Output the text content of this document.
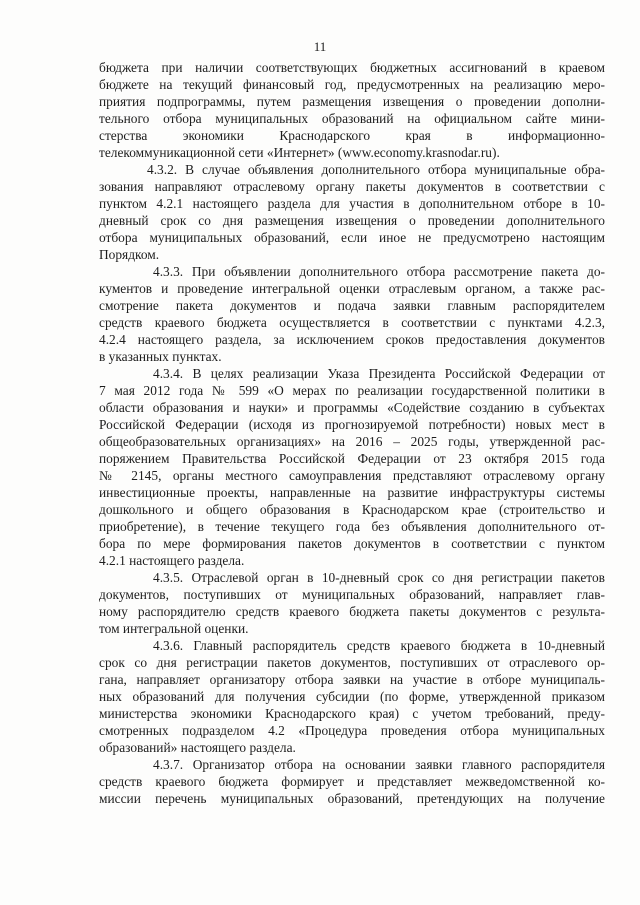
11
бюджета при наличии соответствующих бюджетных ассигнований в краевом
бюджете на текущий финансовый год, предусмотренных на реализацию меро-
приятия подпрограммы, путем размещения извещения о проведении дополни-
тельного отбора муниципальных образований на официальном сайте мини-
стерства экономики Краснодарского края в информационно-
телекоммуникационной сети «Интернет» (www.economy.krasnodar.ru).
4.3.2. В случае объявления дополнительного отбора муниципальные обра-
зования направляют отраслевому органу пакеты документов в соответствии с
пунктом 4.2.1 настоящего раздела для участия в дополнительном отборе в 10-
дневный срок со дня размещения извещения о проведении дополнительного
отбора муниципальных образований, если иное не предусмотрено настоящим
Порядком.
4.3.3. При объявлении дополнительного отбора рассмотрение пакета до-
кументов и проведение интегральной оценки отраслевым органом, а также рас-
смотрение пакета документов и подача заявки главным распорядителем
средств краевого бюджета осуществляется в соответствии с пунктами 4.2.3,
4.2.4 настоящего раздела, за исключением сроков предоставления документов
в указанных пунктах.
4.3.4. В целях реализации Указа Президента Российской Федерации от
7 мая 2012 года № 599 «О мерах по реализации государственной политики в
области образования и науки» и программы «Содействие созданию в субъектах
Российской Федерации (исходя из прогнозируемой потребности) новых мест в
общеобразовательных организациях» на 2016 – 2025 годы, утвержденной рас-
поряжением Правительства Российской Федерации от 23 октября 2015 года
№ 2145, органы местного самоуправления представляют отраслевому органу
инвестиционные проекты, направленные на развитие инфраструктуры системы
дошкольного и общего образования в Краснодарском крае (строительство и
приобретение), в течение текущего года без объявления дополнительного от-
бора по мере формирования пакетов документов в соответствии с пунктом
4.2.1 настоящего раздела.
4.3.5. Отраслевой орган в 10-дневный срок со дня регистрации пакетов
документов, поступивших от муниципальных образований, направляет глав-
ному распорядителю средств краевого бюджета пакеты документов с результа-
том интегральной оценки.
4.3.6. Главный распорядитель средств краевого бюджета в 10-дневный
срок со дня регистрации пакетов документов, поступивших от отраслевого ор-
гана, направляет организатору отбора заявки на участие в отборе муниципаль-
ных образований для получения субсидии (по форме, утвержденной приказом
министерства экономики Краснодарского края) с учетом требований, преду-
смотренных подразделом 4.2 «Процедура проведения отбора муниципальных
образований» настоящего раздела.
4.3.7. Организатор отбора на основании заявки главного распорядителя
средств краевого бюджета формирует и представляет межведомственной ко-
миссии перечень муниципальных образований, претендующих на получение
